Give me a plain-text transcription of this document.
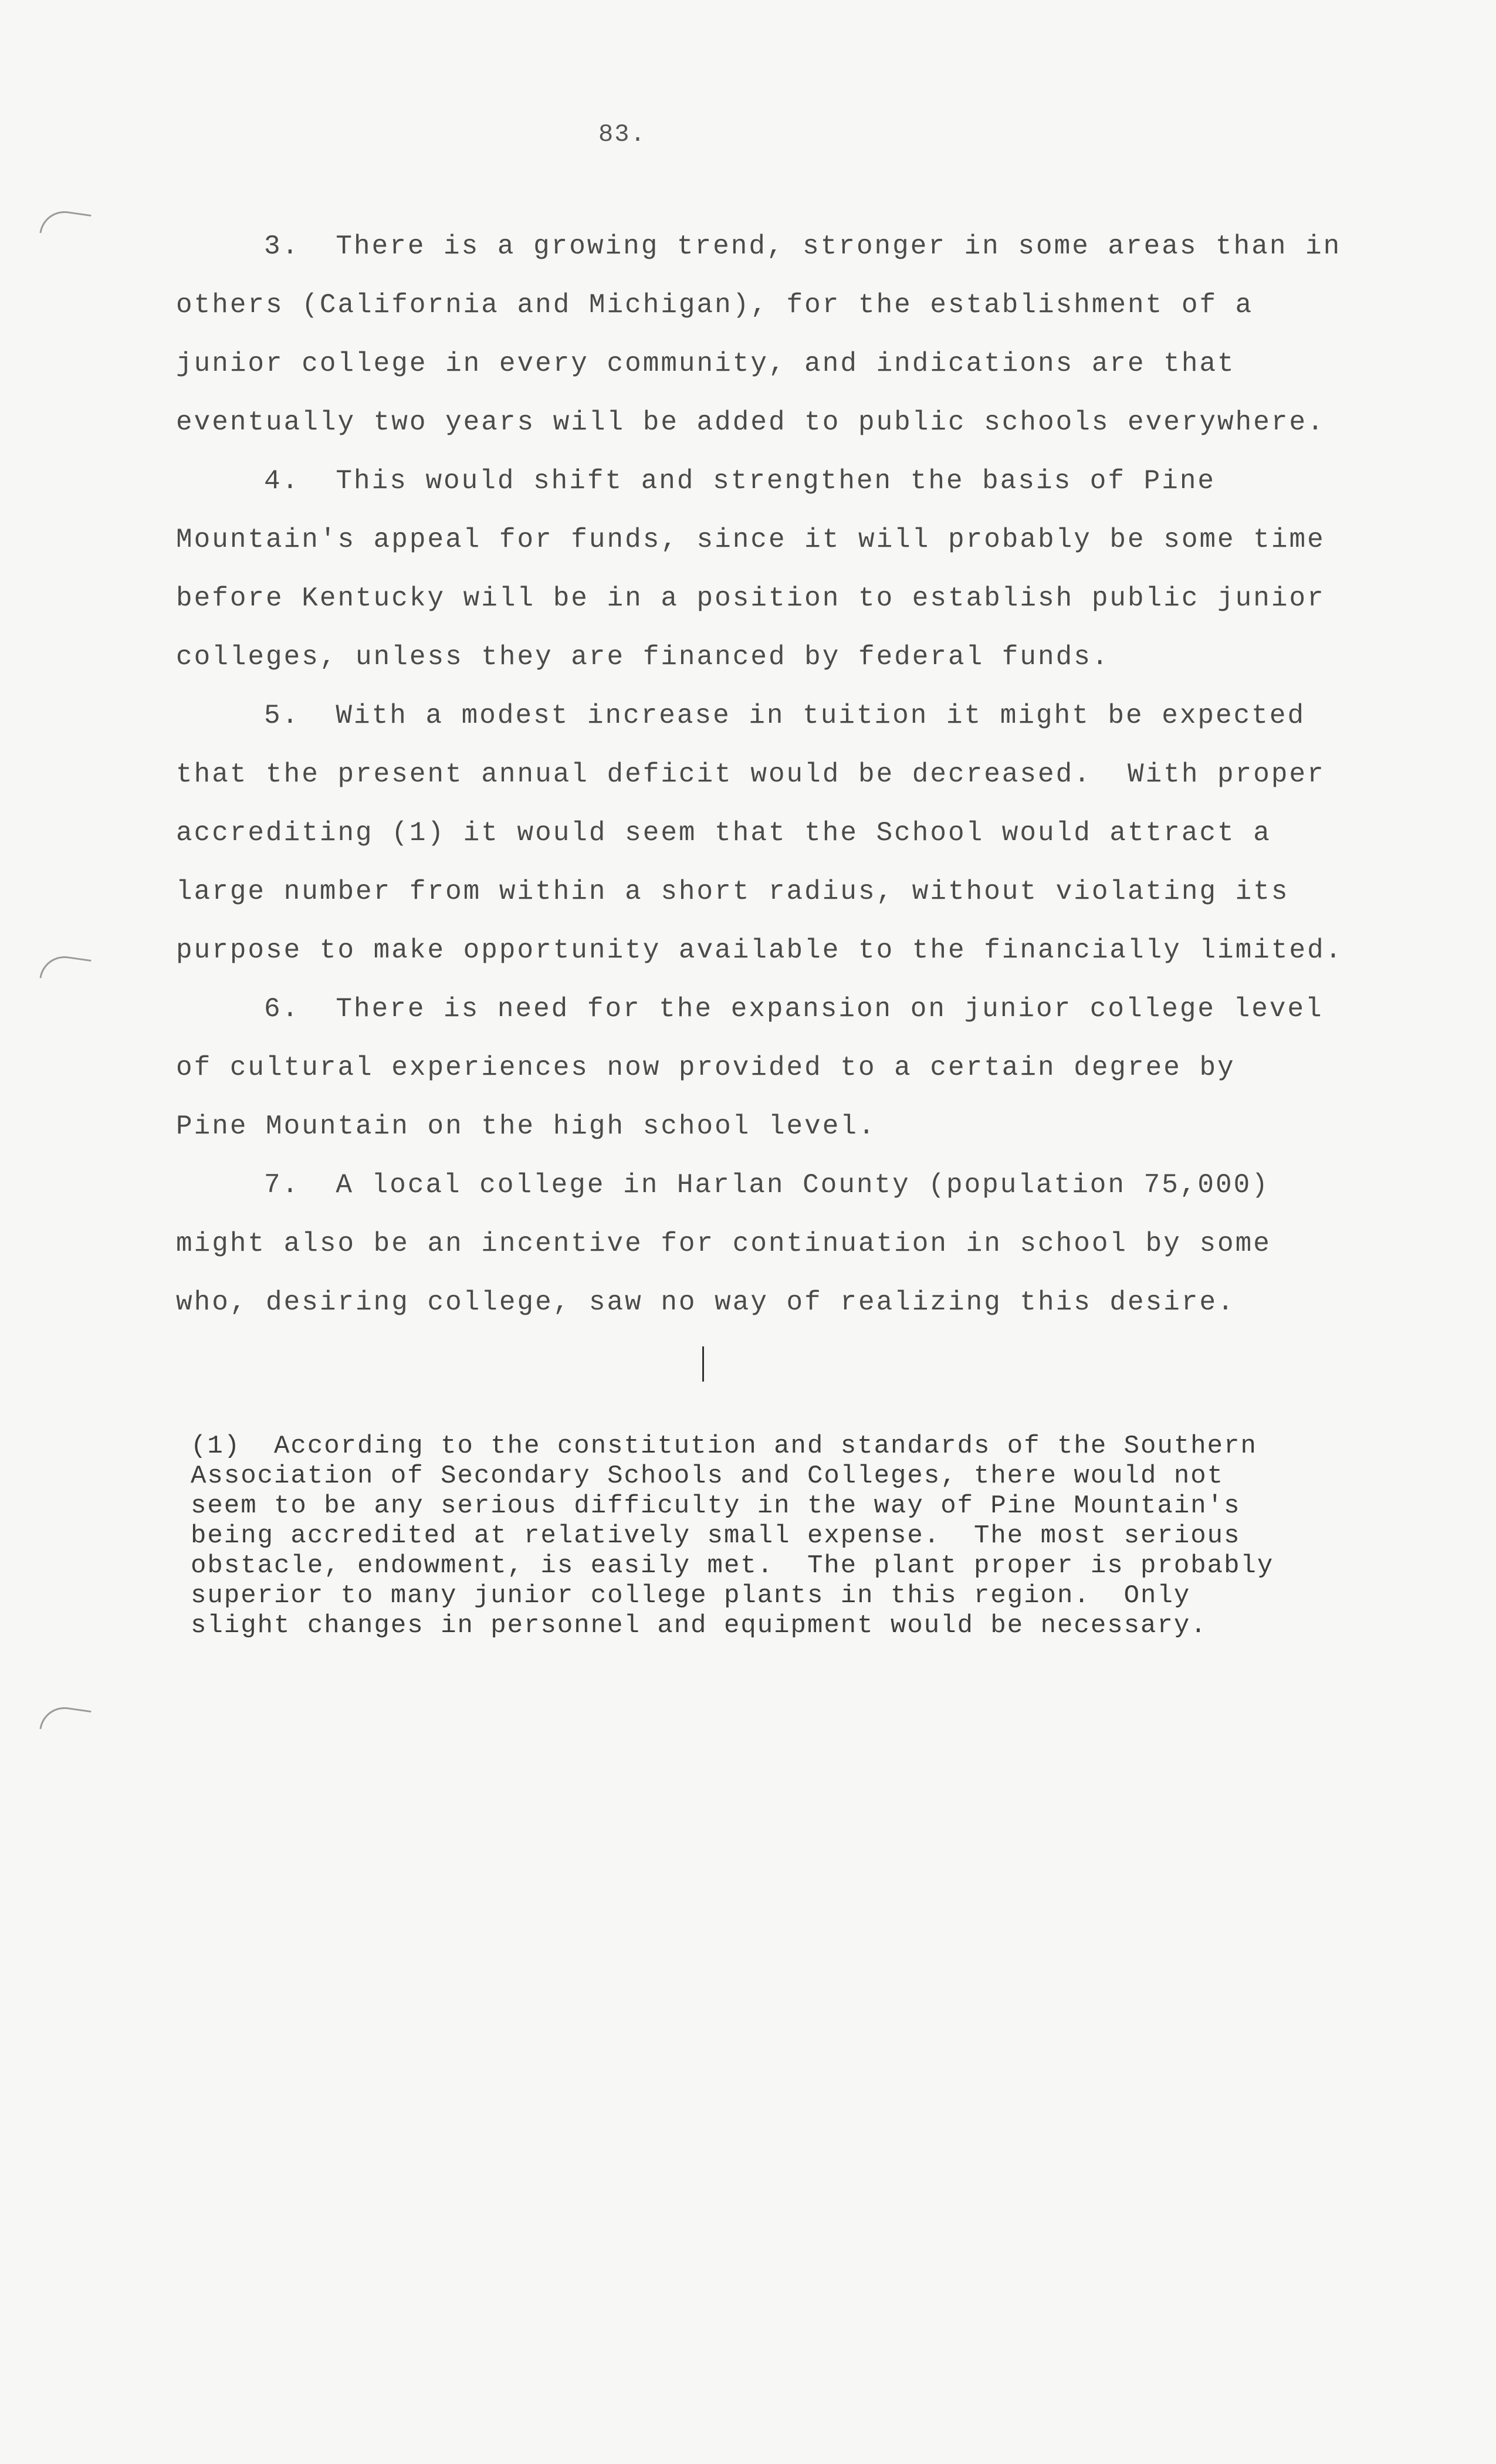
83.
3.  There is a growing trend, stronger in some areas than in
others (California and Michigan), for the establishment of a
junior college in every community, and indications are that
eventually two years will be added to public schools everywhere.
4.  This would shift and strengthen the basis of Pine
Mountain's appeal for funds, since it will probably be some time
before Kentucky will be in a position to establish public junior
colleges, unless they are financed by federal funds.
5.  With a modest increase in tuition it might be expected
that the present annual deficit would be decreased.  With proper
accrediting (1) it would seem that the School would attract a
large number from within a short radius, without violating its
purpose to make opportunity available to the financially limited.
6.  There is need for the expansion on junior college level
of cultural experiences now provided to a certain degree by
Pine Mountain on the high school level.
7.  A local college in Harlan County (population 75,000)
might also be an incentive for continuation in school by some
who, desiring college, saw no way of realizing this desire.
(1)  According to the constitution and standards of the Southern
Association of Secondary Schools and Colleges, there would not
seem to be any serious difficulty in the way of Pine Mountain's
being accredited at relatively small expense.  The most serious
obstacle, endowment, is easily met.  The plant proper is probably
superior to many junior college plants in this region.  Only
slight changes in personnel and equipment would be necessary.
